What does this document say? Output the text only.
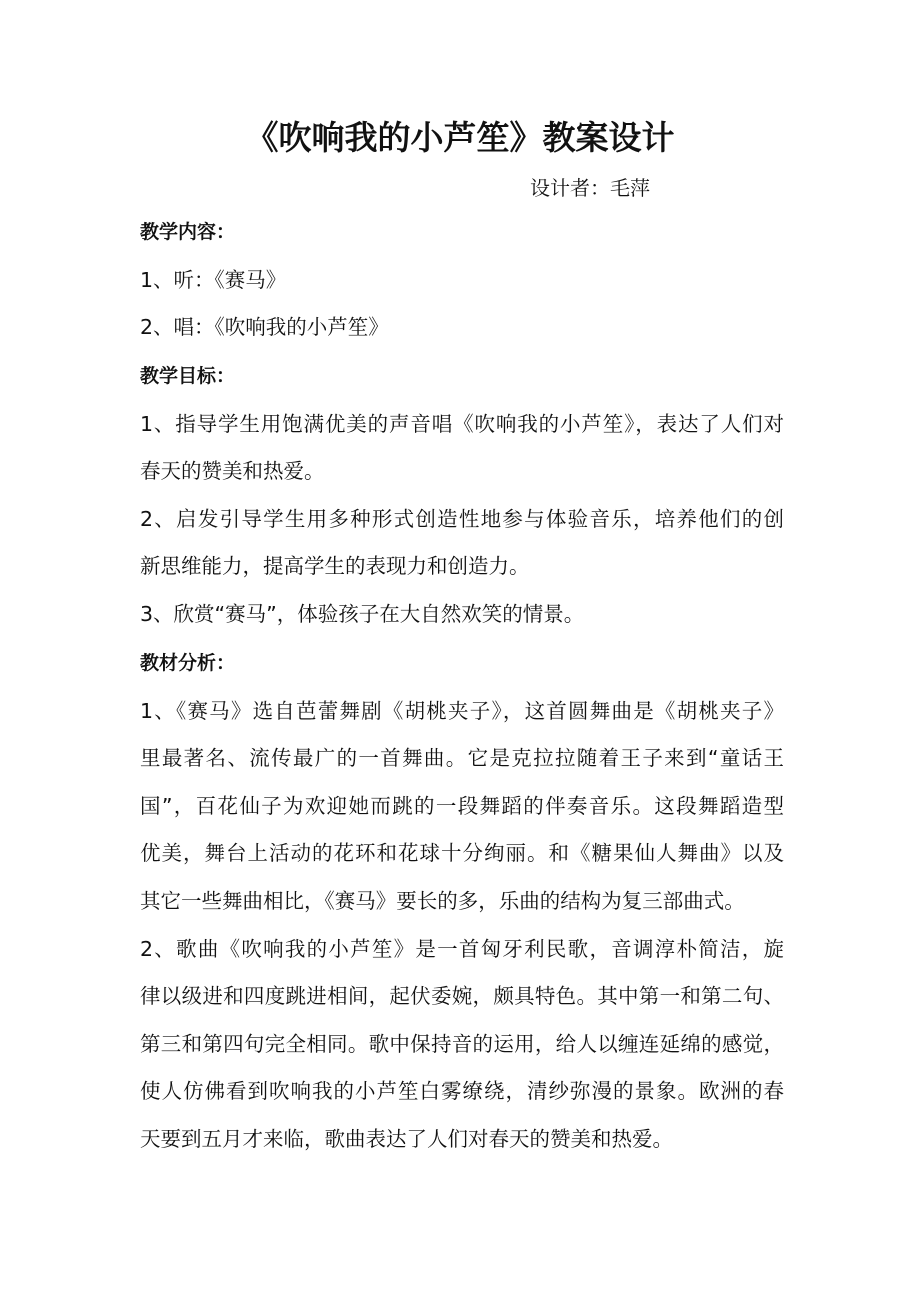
《吹响我的小芦笙》教案设计
设计者：毛萍
教学内容：
1、听：《赛马》
2、唱：《吹响我的小芦笙》
教学目标：
1、指导学生用饱满优美的声音唱《吹响我的小芦笙》，表达了人们对
春天的赞美和热爱。
2、启发引导学生用多种形式创造性地参与体验音乐，培养他们的创
新思维能力，提高学生的表现力和创造力。
3、欣赏“赛马”，体验孩子在大自然欢笑的情景。
教材分析：
1、《赛马》选自芭蕾舞剧《胡桃夹子》，这首圆舞曲是《胡桃夹子》
里最著名、流传最广的一首舞曲。它是克拉拉随着王子来到“童话王
国”，百花仙子为欢迎她而跳的一段舞蹈的伴奏音乐。这段舞蹈造型
优美，舞台上活动的花环和花球十分绚丽。和《糖果仙人舞曲》以及
其它一些舞曲相比，《赛马》要长的多，乐曲的结构为复三部曲式。
2、歌曲《吹响我的小芦笙》是一首匈牙利民歌，音调淳朴简洁，旋
律以级进和四度跳进相间，起伏委婉，颇具特色。其中第一和第二句、
第三和第四句完全相同。歌中保持音的运用，给人以缠连延绵的感觉，
使人仿佛看到吹响我的小芦笙白雾缭绕，清纱弥漫的景象。欧洲的春
天要到五月才来临，歌曲表达了人们对春天的赞美和热爱。
